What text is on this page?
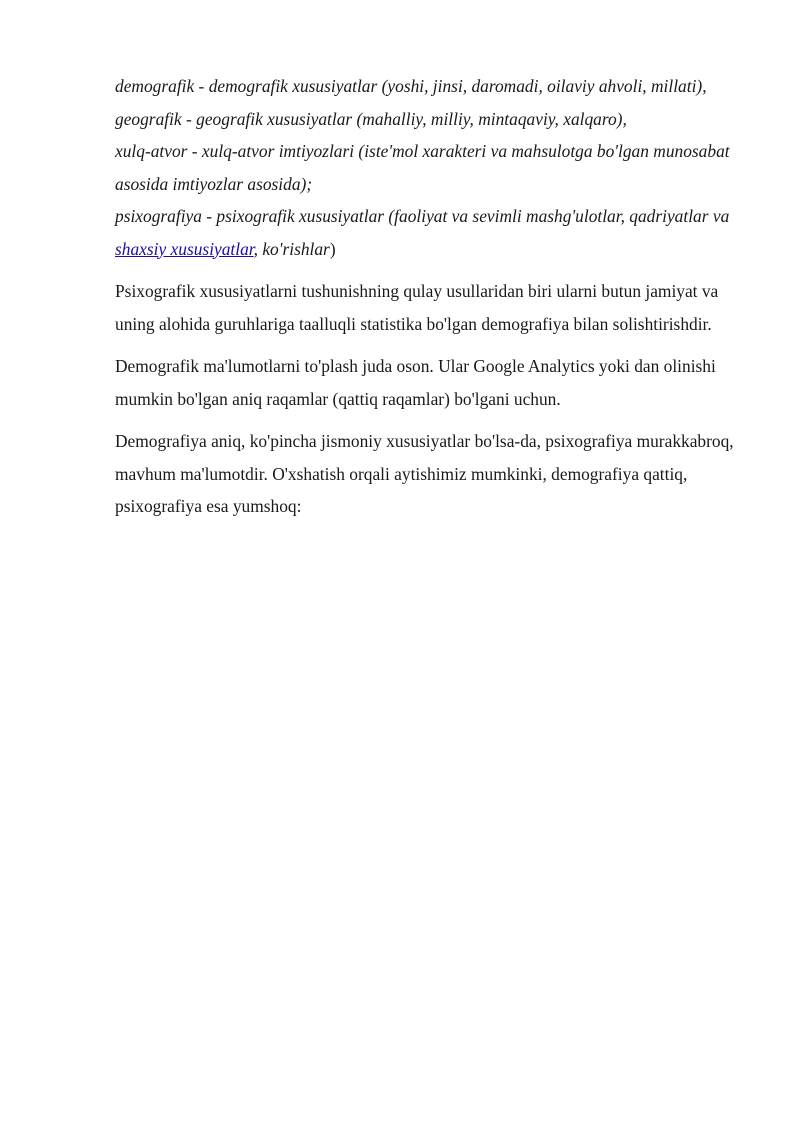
demografik - demografik xususiyatlar (yoshi, jinsi, daromadi, oilaviy ahvoli, millati),
geografik - geografik xususiyatlar (mahalliy, milliy, mintaqaviy, xalqaro),
xulq-atvor - xulq-atvor imtiyozlari (iste'mol xarakteri va mahsulotga bo'lgan munosabat asosida imtiyozlar asosida);
psixografiya - psixografik xususiyatlar (faoliyat va sevimli mashg'ulotlar, qadriyatlar va shaxsiy xususiyatlar, ko'rishlar)

Psixografik xususiyatlarni tushunishning qulay usullaridan biri ularni butun jamiyat va uning alohida guruhlariga taalluqli statistika bo'lgan demografiya bilan solishtirishdir.

Demografik ma'lumotlarni to'plash juda oson. Ular Google Analytics yoki dan olinishi mumkin bo'lgan aniq raqamlar (qattiq raqamlar) bo'lgani uchun.

Demografiya aniq, ko'pincha jismoniy xususiyatlar bo'lsa-da, psixografiya murakkabroq, mavhum ma'lumotdir. O'xshatish orqali aytishimiz mumkinki, demografiya qattiq, psixografiya esa yumshoq:
